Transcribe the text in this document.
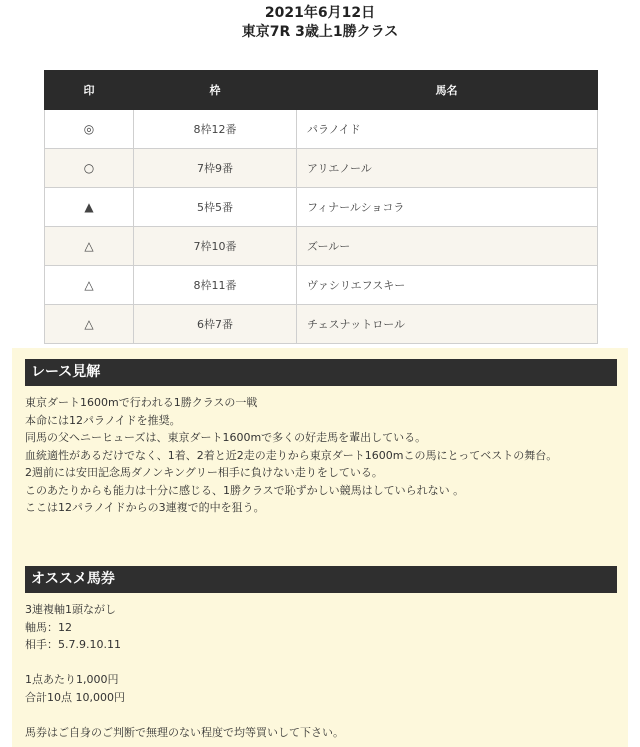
2021年6月12日

東京7R 3歳上1勝クラス

印	枠	馬名
◎	8枠12番	パラノイド
○	7枠9番	アリエノール
▲	5枠5番	フィナールショコラ
△	7枠10番	ズールー
△	8枠11番	ヴァシリエフスキー
△	6枠7番	チェスナットロール
レース見解
東京ダート1600mで行われる1勝クラスの一戦
本命には12パラノイドを推奨。
同馬の父ヘニーヒューズは、東京ダート1600mで多くの好走馬を輩出している。
血統適性があるだけでなく、1着、2着と近2走の走りから東京ダート1600mこの馬にとってベストの舞台。
2週前には安田記念馬ダノンキングリー相手に負けない走りをしている。
このあたりからも能力は十分に感じる、1勝クラスで恥ずかしい競馬はしていられない 。
ここは12パラノイドからの3連複で的中を狙う。
オススメ馬券
3連複軸1頭ながし
軸馬：12
相手：5.7.9.10.11
1点あたり1,000円
合計10点 10,000円
馬券はご自身のご判断で無理のない程度で均等買いして下さい。
